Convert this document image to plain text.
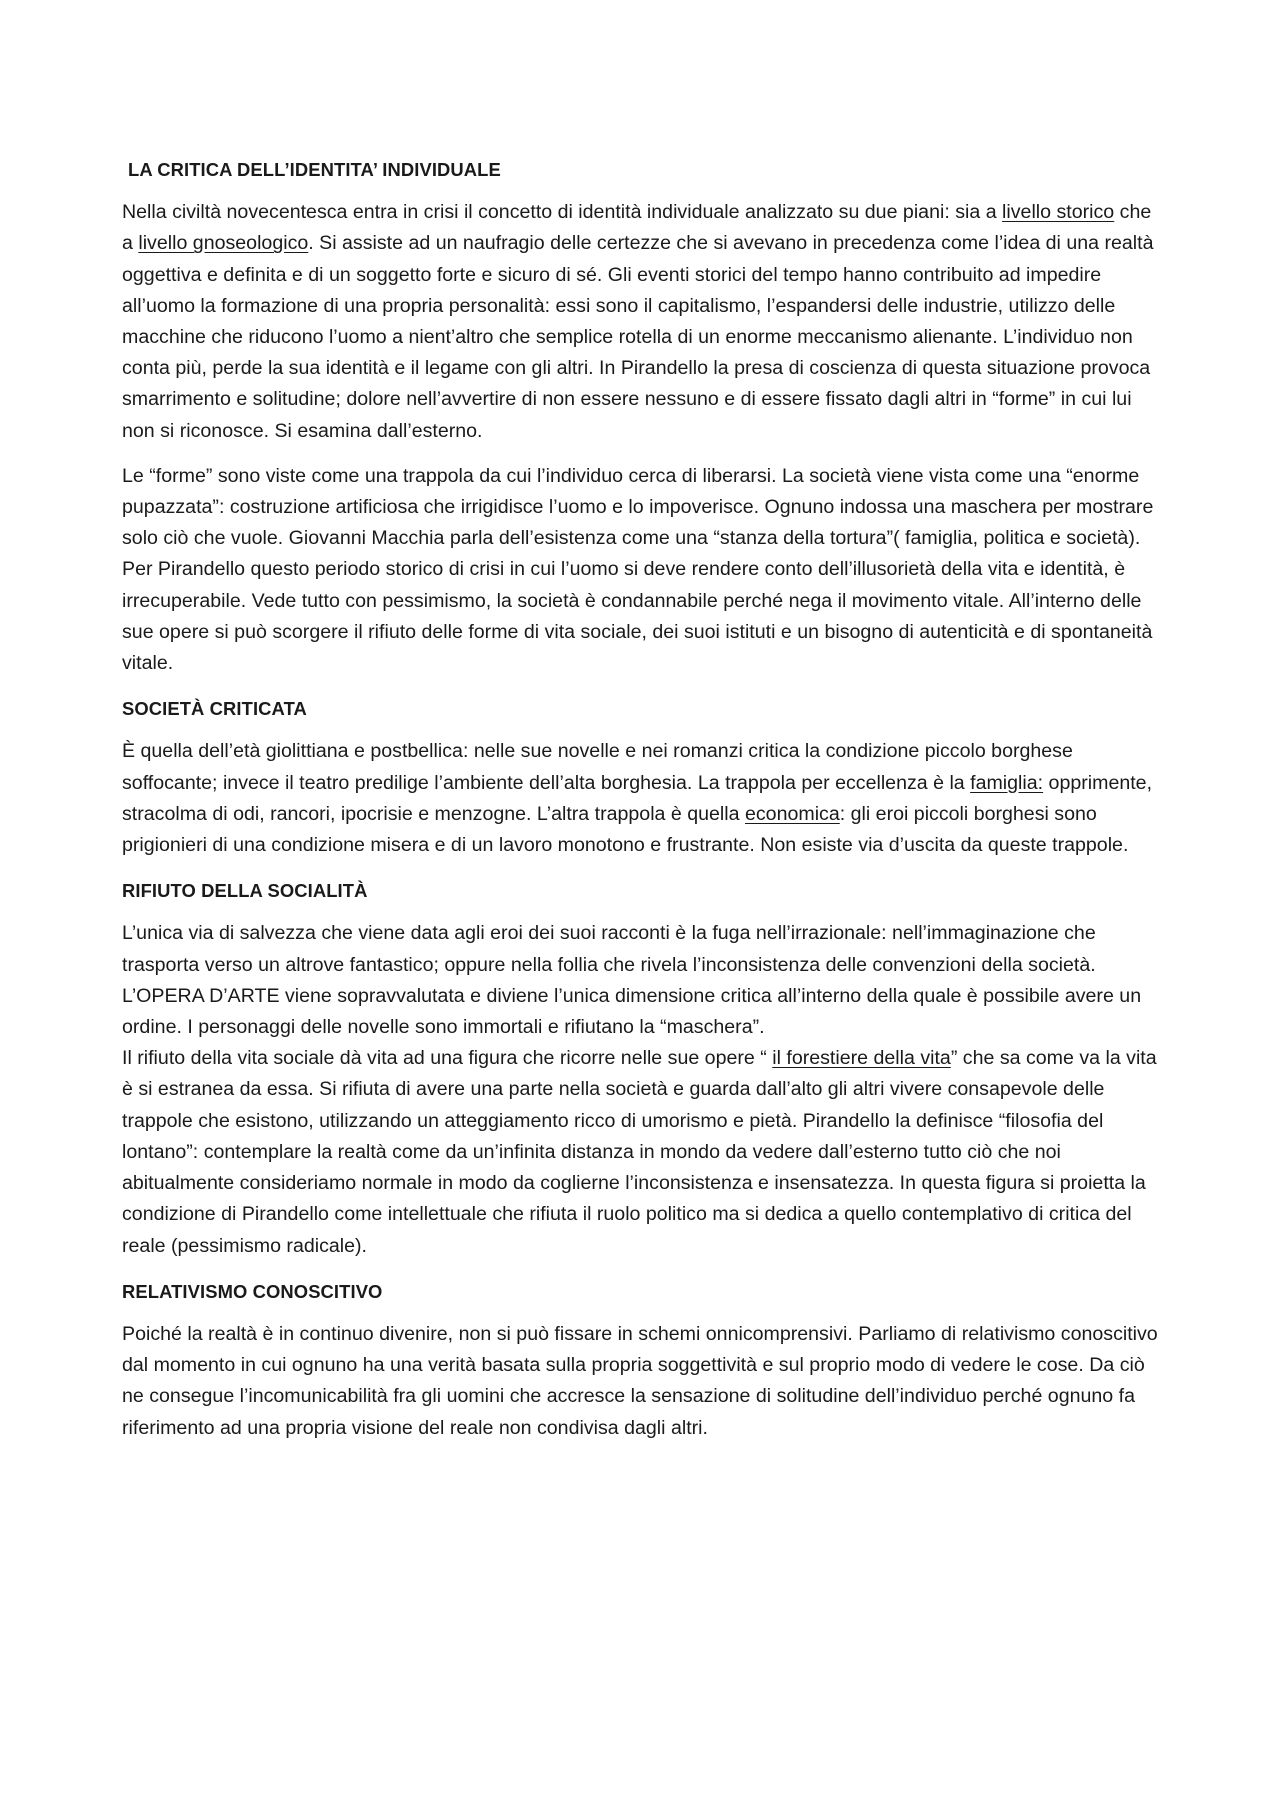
LA CRITICA DELL’IDENTITA’ INDIVIDUALE

Nella civiltà novecentesca entra in crisi il concetto di identità individuale analizzato su due piani: sia a livello storico che a livello gnoseologico. Si assiste ad un naufragio delle certezze che si avevano in precedenza come l’idea di una realtà oggettiva e definita e di un soggetto forte e sicuro di sé. Gli eventi storici del tempo hanno contribuito ad impedire all’uomo la formazione di una propria personalità: essi sono il capitalismo, l’espandersi delle industrie, utilizzo delle macchine che riducono l’uomo a nient’altro che semplice rotella di un enorme meccanismo alienante. L’individuo non conta più, perde la sua identità e il legame con gli altri. In Pirandello la presa di coscienza di questa situazione provoca smarrimento e solitudine; dolore nell’avvertire di non essere nessuno e di essere fissato dagli altri in “forme” in cui lui non si riconosce. Si esamina dall’esterno.

Le “forme” sono viste come una trappola da cui l’individuo cerca di liberarsi. La società viene vista come una “enorme pupazzata”: costruzione artificiosa che irrigidisce l’uomo e lo impoverisce. Ognuno indossa una maschera per mostrare solo ciò che vuole. Giovanni Macchia parla dell’esistenza come una “stanza della tortura”( famiglia, politica e società). Per Pirandello questo periodo storico di crisi in cui l’uomo si deve rendere conto dell’illusorietà della vita e identità, è irrecuperabile. Vede tutto con pessimismo, la società è condannabile perché nega il movimento vitale. All’interno delle sue opere si può scorgere il rifiuto delle forme di vita sociale, dei suoi istituti e un bisogno di autenticità e di spontaneità vitale.

SOCIETÀ CRITICATA

È quella dell’età giolittiana e postbellica: nelle sue novelle e nei romanzi critica la condizione piccolo borghese soffocante; invece il teatro predilige l’ambiente dell’alta borghesia. La trappola per eccellenza è la famiglia: opprimente, stracolma di odi, rancori, ipocrisie e menzogne. L’altra trappola è quella economica: gli eroi piccoli borghesi sono prigionieri di una condizione misera e di un lavoro monotono e frustrante. Non esiste via d’uscita da queste trappole.

RIFIUTO DELLA SOCIALITÀ

L’unica via di salvezza che viene data agli eroi dei suoi racconti è la fuga nell’irrazionale: nell’immaginazione che trasporta verso un altrove fantastico; oppure nella follia che rivela l’inconsistenza delle convenzioni della società. L’OPERA D’ARTE viene sopravvalutata e diviene l’unica dimensione critica all’interno della quale è possibile avere un ordine. I personaggi delle novelle sono immortali e rifiutano la “maschera”.

Il rifiuto della vita sociale dà vita ad una figura che ricorre nelle sue opere “ il forestiere della vita” che sa come va la vita è si estranea da essa. Si rifiuta di avere una parte nella società e guarda dall’alto gli altri vivere consapevole delle trappole che esistono, utilizzando un atteggiamento ricco di umorismo e pietà. Pirandello la definisce “filosofia del lontano”: contemplare la realtà come da un’infinita distanza in mondo da vedere dall’esterno tutto ciò che noi abitualmente consideriamo normale in modo da coglierne l’inconsistenza e insensatezza. In questa figura si proietta la condizione di Pirandello come intellettuale che rifiuta il ruolo politico ma si dedica a quello contemplativo di critica del reale (pessimismo radicale).

RELATIVISMO CONOSCITIVO

Poiché la realtà è in continuo divenire, non si può fissare in schemi onnicomprensivi. Parliamo di relativismo conoscitivo dal momento in cui ognuno ha una verità basata sulla propria soggettività e sul proprio modo di vedere le cose. Da ciò ne consegue l’incomunicabilità fra gli uomini che accresce la sensazione di solitudine dell’individuo perché ognuno fa riferimento ad una propria visione del reale non condivisa dagli altri.
